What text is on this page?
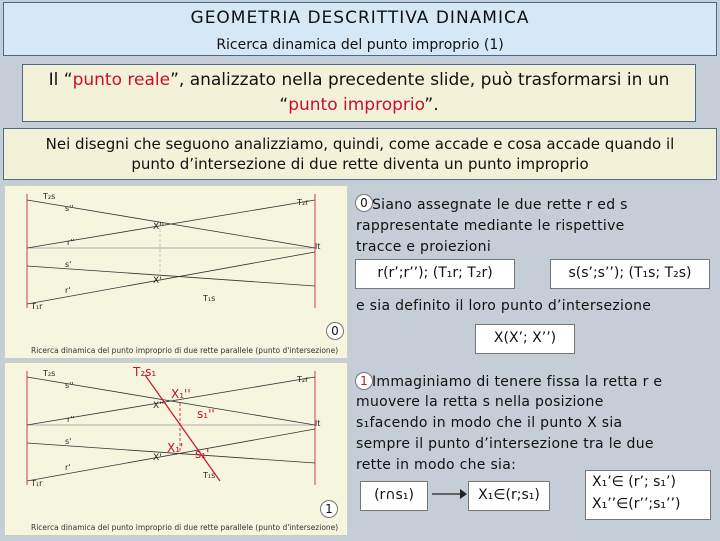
GEOMETRIA DESCRITTIVA DINAMICA
Ricerca dinamica del punto improprio (1)
Il “punto reale”, analizzato nella precedente slide, può trasformarsi in un “punto improprio”.
Nei disegni che seguono analizziamo, quindi, come accade e cosa accade quando il
punto d’intersezione di due rette diventa un punto improprio
T₂s
s''
r''
s'
r'
T₁r
X''
X'
T₂r
lt
T₁s
Ricerca dinamica del punto improprio di due rette parallele (punto d'intersezione)
T₂s
s''
r''
s'
r'
T₁r
X''
X'
T₂r
lt
T₁s
T₂s₁
X₁''
s₁''
X₁' s₁'
Ricerca dinamica del punto improprio di due rette parallele (punto d'intersezione)
0 Siano assegnate le due rette r ed s
rappresentate mediante le rispettive
tracce e proiezioni
r(r’;r’’); (T₁r; T₂r)	s(s’;s’’); (T₁s; T₂s)
e sia definito il loro punto d’intersezione
0	X(X’; X’’)
1 Immaginiamo di tenere fissa la retta r e
muovere la retta s nella posizione
s₁facendo in modo che il punto X sia
sempre il punto d’intersezione tra le due
rette in modo che sia:
1
(r∩s₁)	X₁∈(r;s₁)
X₁’∈ (r’; s₁’)
X₁’’∈(r’’;s₁’’)
